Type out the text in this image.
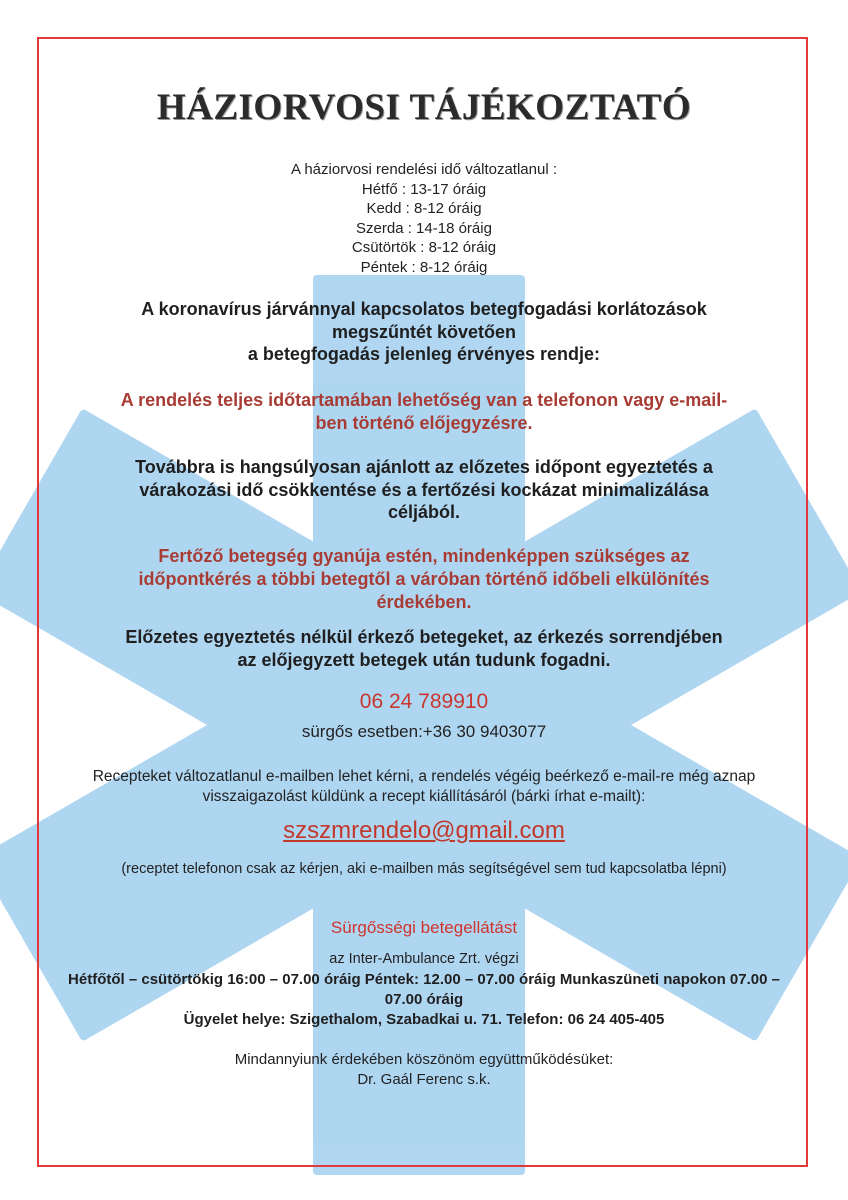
HÁZIORVOSI TÁJÉKOZTATÓ
A háziorvosi rendelési idő változatlanul :
Hétfő : 13-17 óráig
Kedd : 8-12 óráig
Szerda : 14-18 óráig
Csütörtök : 8-12 óráig
Péntek : 8-12 óráig
A koronavírus járvánnyal kapcsolatos betegfogadási korlátozások
megszűntét követően
a betegfogadás jelenleg érvényes rendje:
A rendelés teljes időtartamában lehetőség van a telefonon vagy e-mail-
ben történő előjegyzésre.
Továbbra is hangsúlyosan ajánlott az előzetes időpont egyeztetés a
várakozási idő csökkentése és a fertőzési kockázat minimalizálása
céljából.
Fertőző betegség gyanúja estén, mindenképpen szükséges az
időpontkérés a többi betegtől a váróban történő időbeli elkülönítés
érdekében.
Előzetes egyeztetés nélkül érkező betegeket, az érkezés sorrendjében
az előjegyzett betegek után tudunk fogadni.
06 24 789910
sürgős esetben:+36 30 9403077
Recepteket változatlanul e-mailben lehet kérni, a rendelés végéig beérkező e-mail-re még aznap visszaigazolást küldünk a recept kiállításáról (bárki írhat e-mailt):
szszmrendelo@gmail.com
(receptet telefonon csak az kérjen, aki e-mailben más segítségével sem tud kapcsolatba lépni)
Sürgősségi betegellátást
az Inter-Ambulance Zrt. végzi
Hétfőtől – csütörtökig 16:00 – 07.00 óráig Péntek: 12.00 – 07.00 óráig Munkaszüneti napokon 07.00 – 07.00 óráig
Ügyelet helye: Szigethalom, Szabadkai u. 71. Telefon: 06 24 405-405
Mindannyiunk érdekében köszönöm együttműködésüket:
Dr. Gaál Ferenc s.k.
